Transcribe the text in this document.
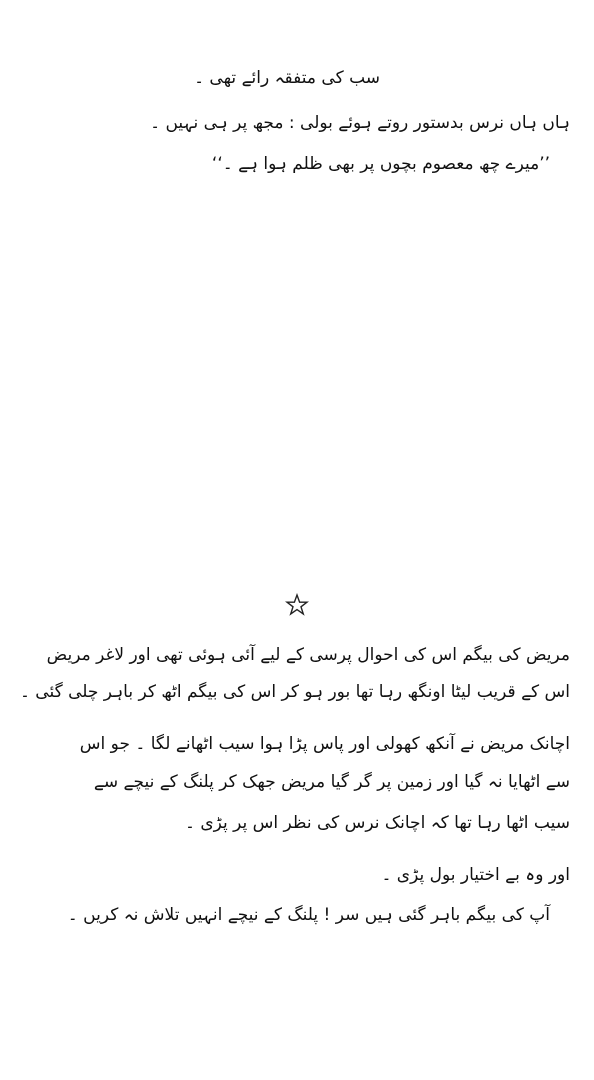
سب کی متفقہ رائے تھی ۔
ہاں ہاں نرس بدستور روتے ہوئے بولی : مجھ پر ہی نہیں ۔
’’میرے چھ معصوم بچوں پر بھی ظلم ہوا ہے ۔‘‘
مریض کی بیگم اس کی احوال پرسی کے لیے آئی ہوئی تھی اور لاغر مریض
اس کے قریب لیٹا اونگھ رہا تھا بور ہو کر اس کی بیگم اٹھ کر باہر چلی گئی ۔
اچانک مریض نے آنکھ کھولی اور پاس پڑا ہوا سیب اٹھانے لگا ۔ جو اس
سے اٹھایا نہ گیا اور زمین پر گر گیا مریض جھک کر پلنگ کے نیچے سے
سیب اٹھا رہا تھا کہ اچانک نرس کی نظر اس پر پڑی ۔
اور وہ بے اختیار بول پڑی ۔
آپ کی بیگم باہر گئی ہیں سر ! پلنگ کے نیچے انہیں تلاش نہ کریں ۔
